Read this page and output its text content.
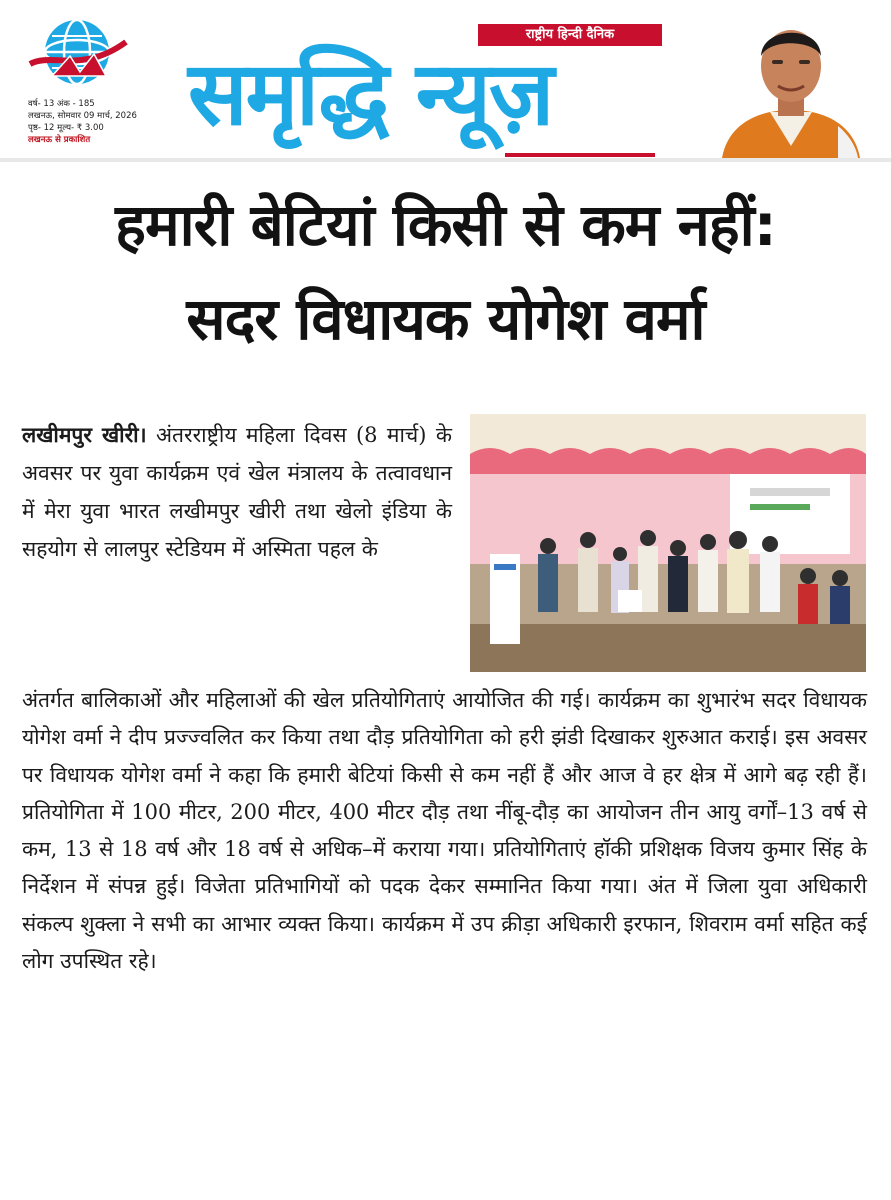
वर्ष- 13 अंक - 185
लखनऊ, सोमवार 09 मार्च, 2026
पृष्ठ- 12 मूल्य- ₹ 3.00
लखनऊ से प्रकाशित
राष्ट्रीय हिन्दी दैनिक
समृद्धि न्यूज़
हमारी बेटियां किसी से कम नहीं:
सदर विधायक योगेश वर्मा
लखीमपुर खीरी। अंतरराष्ट्रीय महिला दिवस (8 मार्च) के अवसर पर युवा कार्यक्रम एवं खेल मंत्रालय के तत्वावधान में मेरा युवा भारत लखीमपुर खीरी तथा खेलो इंडिया के सहयोग से लालपुर स्टेडियम में अस्मिता पहल के
अंतर्गत बालिकाओं और महिलाओं की खेल प्रतियोगिताएं आयोजित की गई। कार्यक्रम का शुभारंभ सदर विधायक योगेश वर्मा ने दीप प्रज्ज्वलित कर किया तथा दौड़ प्रतियोगिता को हरी झंडी दिखाकर शुरुआत कराई। इस अवसर पर विधायक योगेश वर्मा ने कहा कि हमारी बेटियां किसी से कम नहीं हैं और आज वे हर क्षेत्र में आगे बढ़ रही हैं। प्रतियोगिता में 100 मीटर, 200 मीटर, 400 मीटर दौड़ तथा नींबू-दौड़ का आयोजन तीन आयु वर्गों–13 वर्ष से कम, 13 से 18 वर्ष और 18 वर्ष से अधिक–में कराया गया। प्रतियोगिताएं हॉकी प्रशिक्षक विजय कुमार सिंह के निर्देशन में संपन्न हुई। विजेता प्रतिभागियों को पदक देकर सम्मानित किया गया। अंत में जिला युवा अधिकारी संकल्प शुक्ला ने सभी का आभार व्यक्त किया। कार्यक्रम में उप क्रीड़ा अधिकारी इरफान, शिवराम वर्मा सहित कई लोग उपस्थित रहे।
